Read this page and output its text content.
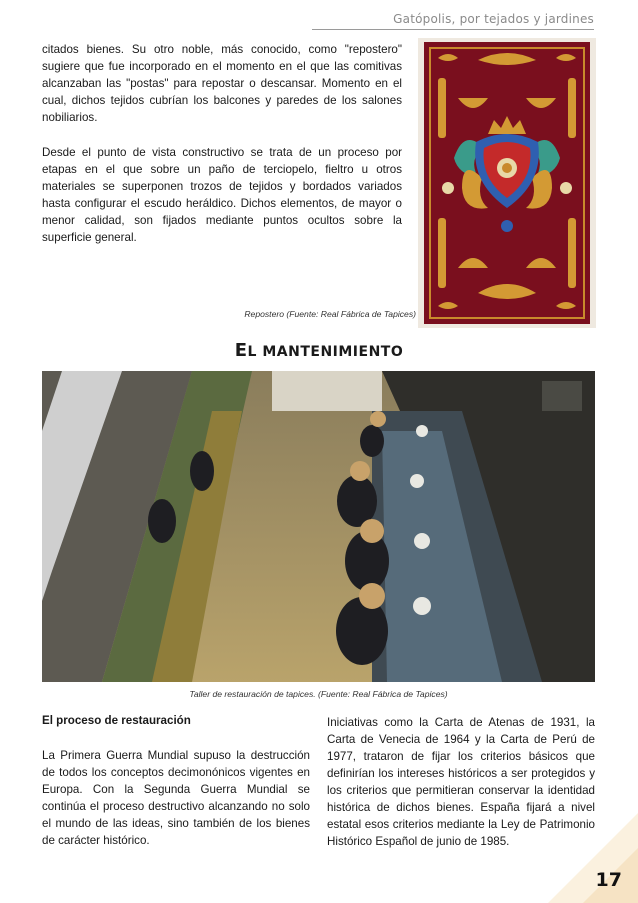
Gatópolis, por tejados y jardines

citados bienes. Su otro noble, más conocido, como "repostero" sugiere que fue incorporado en el momento en el que las comitivas alcanzaban las "postas" para repostar o descansar. Momento en el cual, dichos tejidos cubrían los balcones y paredes de los salones nobiliarios.

Desde el punto de vista constructivo se trata de un proceso por etapas en el que sobre un paño de terciopelo, fieltro u otros materiales se superponen trozos de tejidos y bordados variados hasta configurar el escudo heráldico. Dichos elementos, de mayor o menor calidad, son fijados mediante puntos ocultos sobre la superficie general.

Repostero (Fuente: Real Fábrica de Tapices)

EL MANTENIMIENTO

Taller de restauración de tapices. (Fuente: Real Fábrica de Tapices)

El proceso de restauración

La Primera Guerra Mundial supuso la destrucción de todos los conceptos decimonónicos vigentes en Europa. Con la Segunda Guerra Mundial se continúa el proceso destructivo alcanzando no solo el mundo de las ideas, sino también de los bienes de carácter histórico.

Iniciativas como la Carta de Atenas de 1931, la Carta de Venecia de 1964 y la Carta de Perú de 1977, trataron de fijar los criterios básicos que definirían los intereses históricos a ser protegidos y los criterios que permitieran conservar la identidad histórica de dichos bienes. España fijará a nivel estatal esos criterios mediante la Ley de Patrimonio Histórico Español de junio de 1985.

17
